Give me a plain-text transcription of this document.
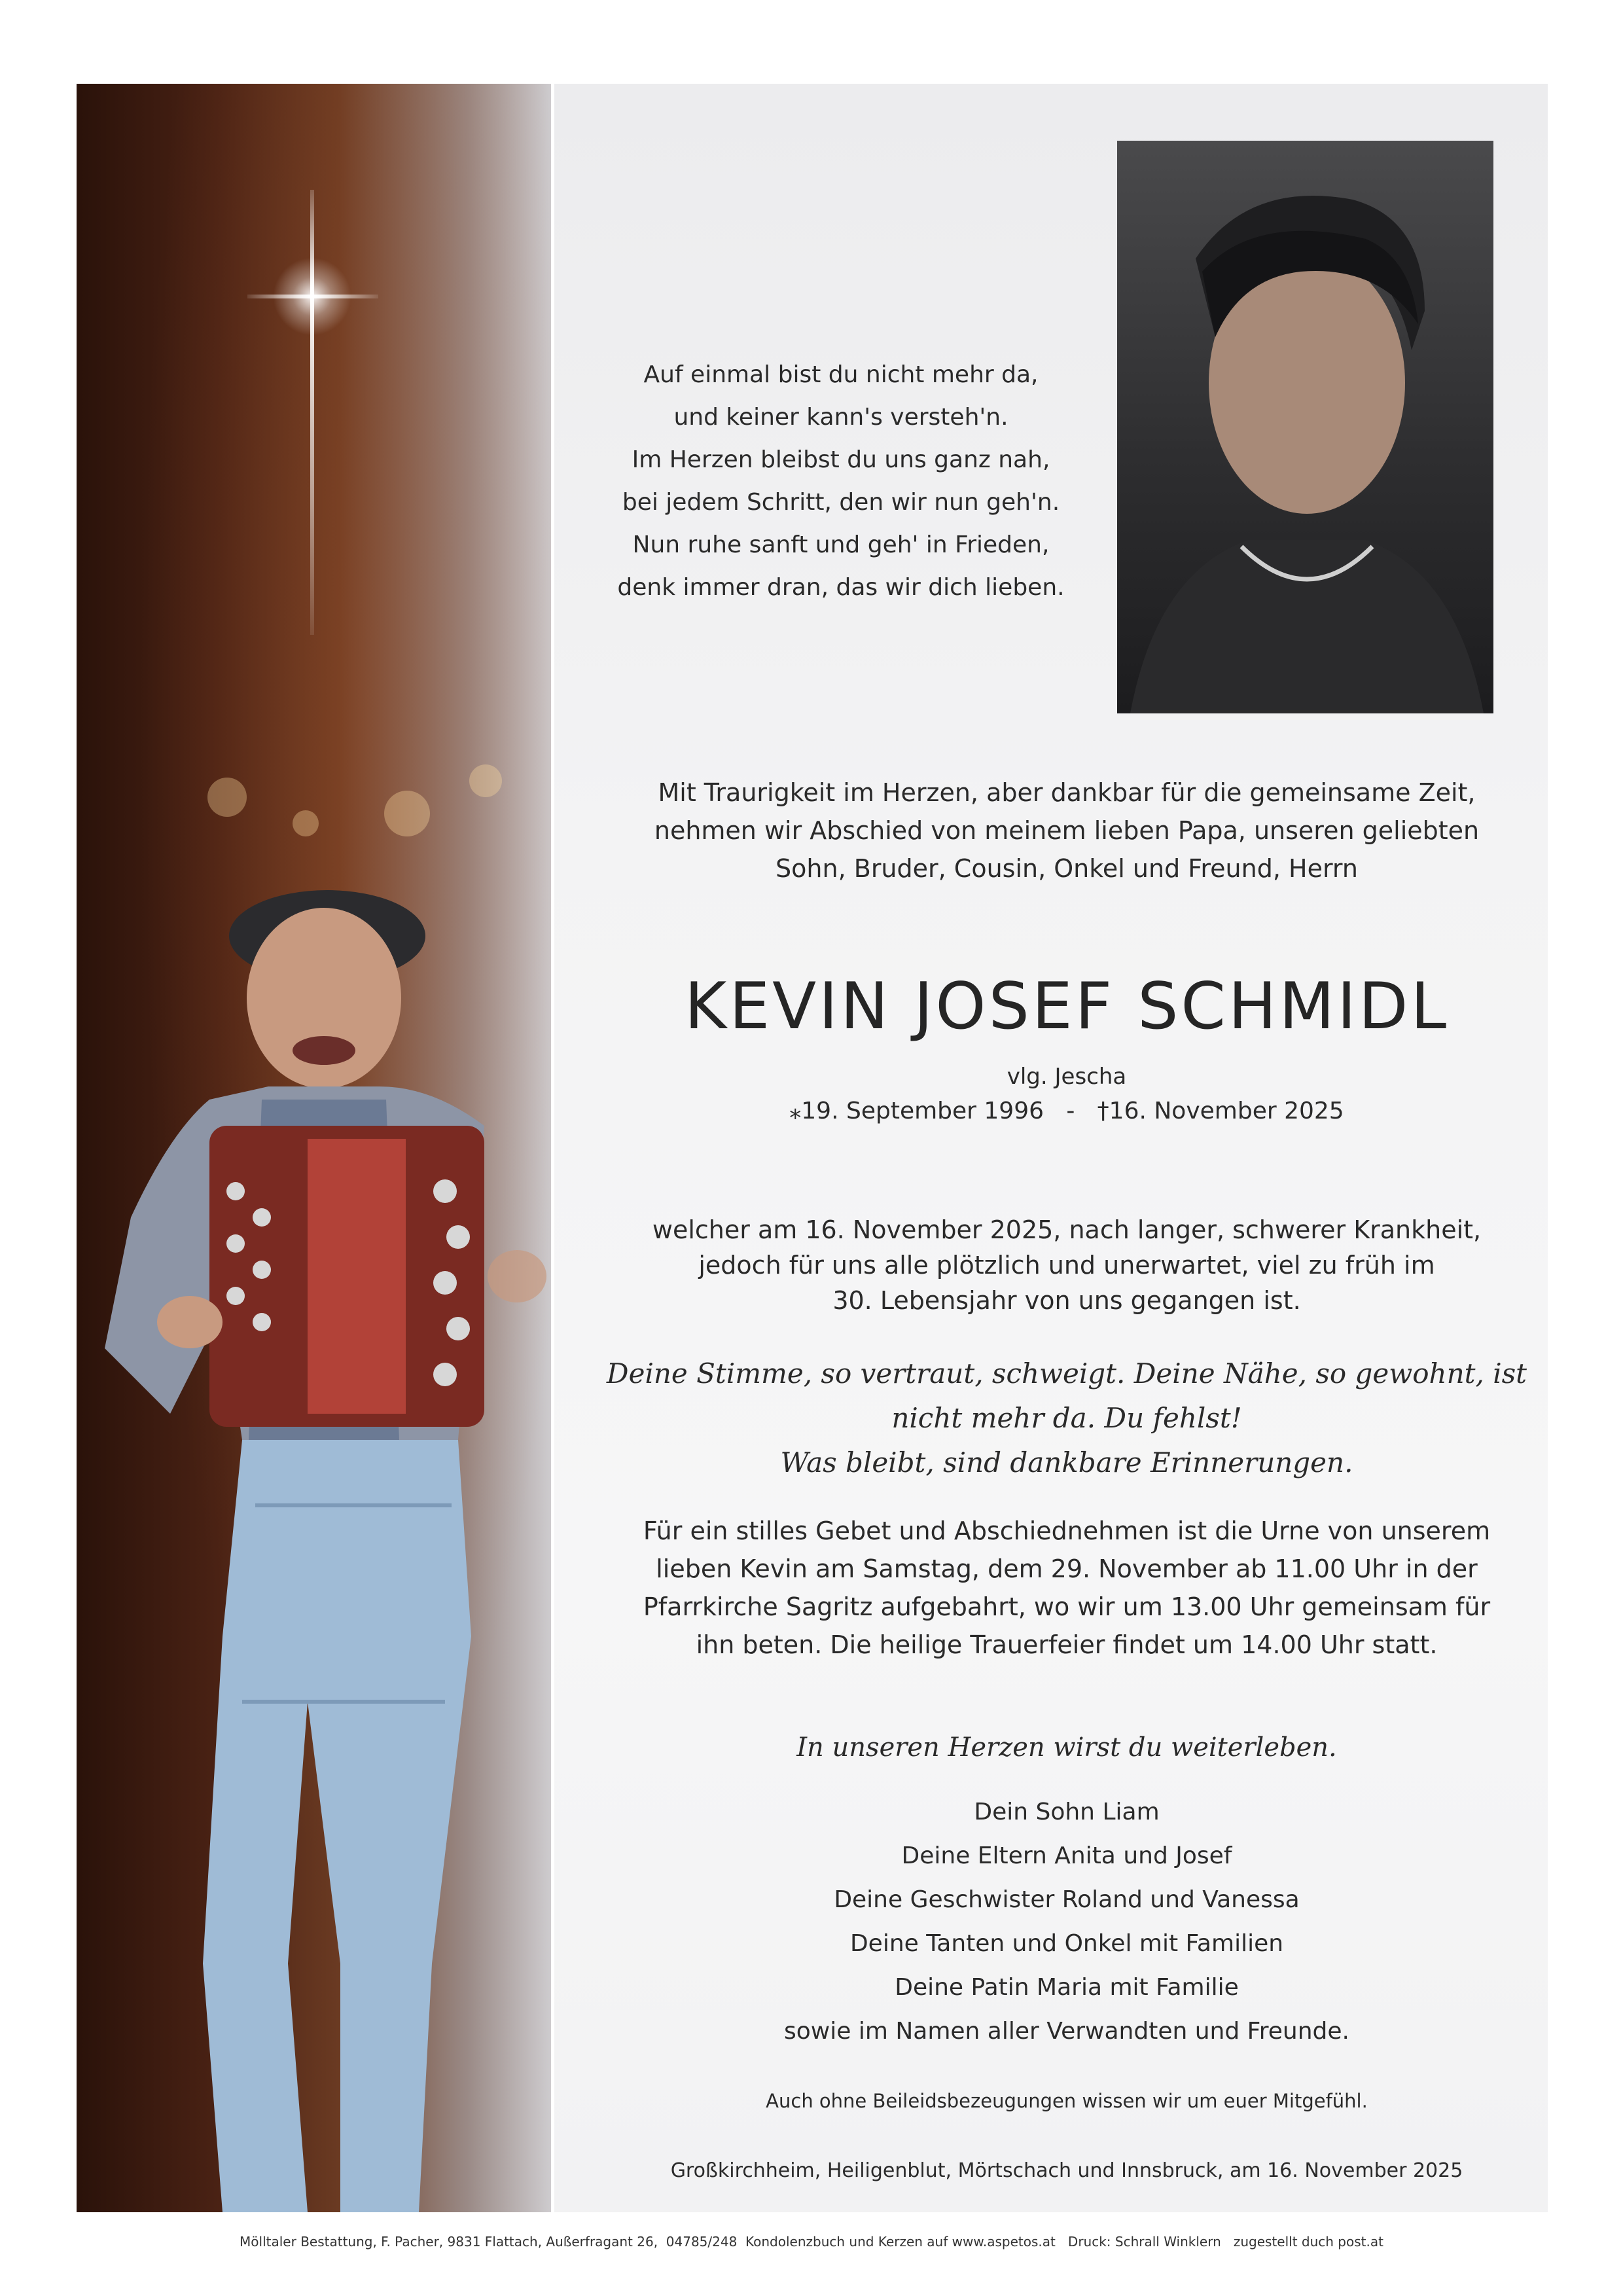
Auf einmal bist du nicht mehr da,
und keiner kann's versteh'n.
Im Herzen bleibst du uns ganz nah,
bei jedem Schritt, den wir nun geh'n.
Nun ruhe sanft und geh' in Frieden,
denk immer dran, das wir dich lieben.
Mit Traurigkeit im Herzen, aber dankbar für die gemeinsame Zeit,
nehmen wir Abschied von meinem lieben Papa, unseren geliebten
Sohn, Bruder, Cousin, Onkel und Freund, Herrn
KEVIN JOSEF SCHMIDL
vlg. Jescha
⁎19. September 1996   -   †16. November 2025
welcher am 16. November 2025, nach langer, schwerer Krankheit,
jedoch für uns alle plötzlich und unerwartet, viel zu früh im
30. Lebensjahr von uns gegangen ist.
Deine Stimme, so vertraut, schweigt. Deine Nähe, so gewohnt, ist
nicht mehr da. Du fehlst!
Was bleibt, sind dankbare Erinnerungen.
Für ein stilles Gebet und Abschiednehmen ist die Urne von unserem
lieben Kevin am Samstag, dem 29. November ab 11.00 Uhr in der
Pfarrkirche Sagritz aufgebahrt, wo wir um 13.00 Uhr gemeinsam für
ihn beten. Die heilige Trauerfeier findet um 14.00 Uhr statt.
In unseren Herzen wirst du weiterleben.
Dein Sohn Liam
Deine Eltern Anita und Josef
Deine Geschwister Roland und Vanessa
Deine Tanten und Onkel mit Familien
Deine Patin Maria mit Familie
sowie im Namen aller Verwandten und Freunde.
Auch ohne Beileidsbezeugungen wissen wir um euer Mitgefühl.
Großkirchheim, Heiligenblut, Mörtschach und Innsbruck, am 16. November 2025
Mölltaler Bestattung, F. Pacher, 9831 Flattach, Außerfragant 26,  04785/248  Kondolenzbuch und Kerzen auf www.aspetos.at   Druck: Schrall Winklern   zugestellt duch post.at
